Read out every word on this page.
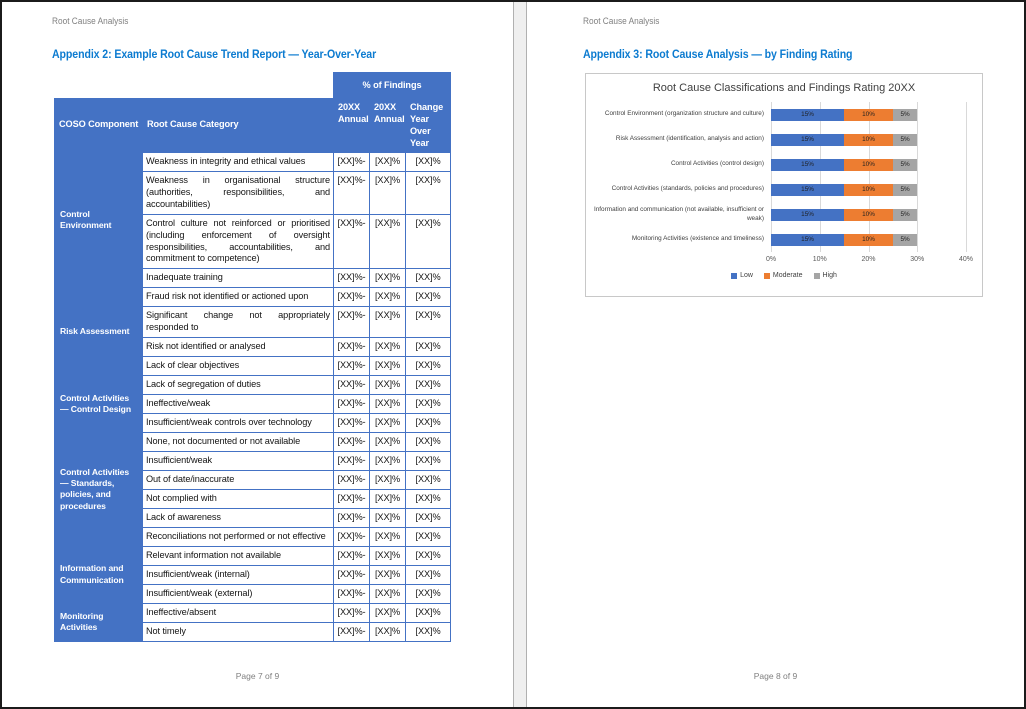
Root Cause Analysis
Appendix 2: Example Root Cause Trend Report — Year-Over-Year
		% of Findings		
COSO Component	Root Cause Category	20XX Annual	20XX Annual	Change Year Over Year
Control Environment	Weakness in integrity and ethical values	[XX]%-	[XX]%	[XX]%
	Weakness in organisational structure (authorities, responsibilities, and accountabilities)	[XX]%-	[XX]%	[XX]%
	Control culture not reinforced or prioritised (including enforcement of oversight responsibilities, accountabilities, and commitment to competence)	[XX]%-	[XX]%	[XX]%
	Inadequate training	[XX]%-	[XX]%	[XX]%
Risk Assessment	Fraud risk not identified or actioned upon	[XX]%-	[XX]%	[XX]%
	Significant change not appropriately responded to	[XX]%-	[XX]%	[XX]%
	Risk not identified or analysed	[XX]%-	[XX]%	[XX]%
	Lack of clear objectives	[XX]%-	[XX]%	[XX]%
Control Activities — Control Design	Lack of segregation of duties	[XX]%-	[XX]%	[XX]%
	Ineffective/weak	[XX]%-	[XX]%	[XX]%
	Insufficient/weak controls over technology	[XX]%-	[XX]%	[XX]%
Control Activities — Standards, policies, and procedures	None, not documented or not available	[XX]%-	[XX]%	[XX]%
	Insufficient/weak	[XX]%-	[XX]%	[XX]%
	Out of date/inaccurate	[XX]%-	[XX]%	[XX]%
	Not complied with	[XX]%-	[XX]%	[XX]%
	Lack of awareness	[XX]%-	[XX]%	[XX]%
	Reconciliations not performed or not effective	[XX]%-	[XX]%	[XX]%
Information and Communication	Relevant information not available	[XX]%-	[XX]%	[XX]%
	Insufficient/weak (internal)	[XX]%-	[XX]%	[XX]%
	Insufficient/weak (external)	[XX]%-	[XX]%	[XX]%
Monitoring Activities	Ineffective/absent	[XX]%-	[XX]%	[XX]%
	Not timely	[XX]%-	[XX]%	[XX]%
Page 7 of 9
Root Cause Analysis
Appendix 3: Root Cause Analysis — by Finding Rating
Root Cause Classifications and Findings Rating 20XX
Control Environment (organization structure and culture)	15%	10%	5%
Risk Assessment (identification, analysis and action)	15%	10%	5%
Control Activities (control design)	15%	10%	5%
Control Activities (standards, policies and procedures)	15%	10%	5%
Information and communication (not available, insufficient or weak)	15%	10%	5%
Monitoring Activities (existence and timeliness)	15%	10%	5%
0%	10%	20%	30%	40%
Low	Moderate	High
Page 8 of 9
